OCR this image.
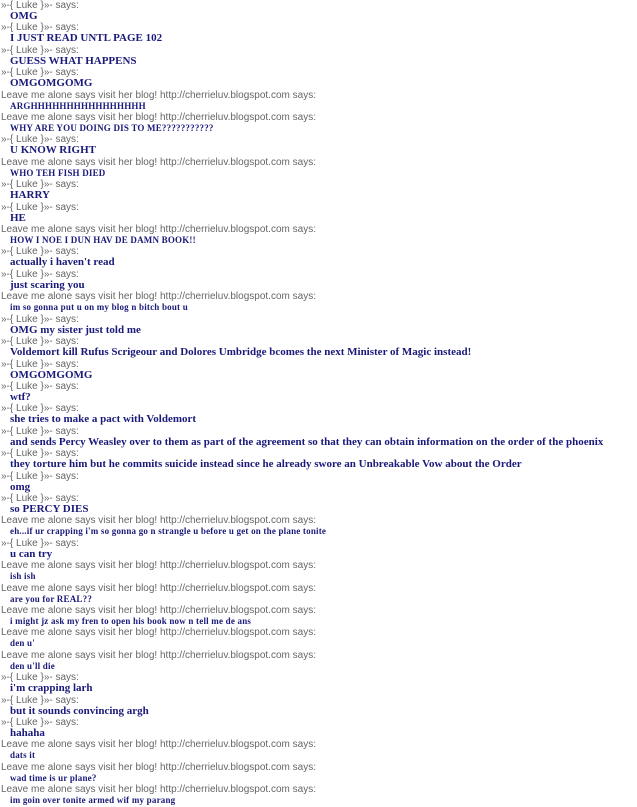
»-{ Luke }»- says:
OMG
»-{ Luke }»- says:
I JUST READ UNTL PAGE 102
»-{ Luke }»- says:
GUESS WHAT HAPPENS
»-{ Luke }»- says:
OMGOMGOMG
Leave me alone says visit her blog! http://cherrieluv.blogspot.com says:
ARGHHHHHHHHHHHHHHHH
Leave me alone says visit her blog! http://cherrieluv.blogspot.com says:
WHY ARE YOU DOING DIS TO ME???????????
»-{ Luke }»- says:
U KNOW RIGHT
Leave me alone says visit her blog! http://cherrieluv.blogspot.com says:
WHO TEH FISH DIED
»-{ Luke }»- says:
HARRY
»-{ Luke }»- says:
HE
Leave me alone says visit her blog! http://cherrieluv.blogspot.com says:
HOW I NOE I DUN HAV DE DAMN BOOK!!
»-{ Luke }»- says:
actually i haven't read
»-{ Luke }»- says:
just scaring you
Leave me alone says visit her blog! http://cherrieluv.blogspot.com says:
im so gonna put u on my blog n bitch bout u
»-{ Luke }»- says:
OMG my sister just told me
»-{ Luke }»- says:
Voldemort kill Rufus Scrigeour and Dolores Umbridge bcomes the next Minister of Magic instead!
»-{ Luke }»- says:
OMGOMGOMG
»-{ Luke }»- says:
wtf?
»-{ Luke }»- says:
she tries to make a pact with Voldemort
»-{ Luke }»- says:
and sends Percy Weasley over to them as part of the agreement so that they can obtain information on the order of the phoenix
»-{ Luke }»- says:
they torture him but he commits suicide instead since he already swore an Unbreakable Vow about the Order
»-{ Luke }»- says:
omg
»-{ Luke }»- says:
so PERCY DIES
Leave me alone says visit her blog! http://cherrieluv.blogspot.com says:
eh...if ur crapping i'm so gonna go n strangle u before u get on the plane tonite
»-{ Luke }»- says:
u can try
Leave me alone says visit her blog! http://cherrieluv.blogspot.com says:
ish ish
Leave me alone says visit her blog! http://cherrieluv.blogspot.com says:
are you for REAL??
Leave me alone says visit her blog! http://cherrieluv.blogspot.com says:
i might jz ask my fren to open his book now n tell me de ans
Leave me alone says visit her blog! http://cherrieluv.blogspot.com says:
den u'
Leave me alone says visit her blog! http://cherrieluv.blogspot.com says:
den u'll die
»-{ Luke }»- says:
i'm crapping larh
»-{ Luke }»- says:
but it sounds convincing argh
»-{ Luke }»- says:
hahaha
Leave me alone says visit her blog! http://cherrieluv.blogspot.com says:
dats it
Leave me alone says visit her blog! http://cherrieluv.blogspot.com says:
wad time is ur plane?
Leave me alone says visit her blog! http://cherrieluv.blogspot.com says:
im goin over tonite armed wif my parang
